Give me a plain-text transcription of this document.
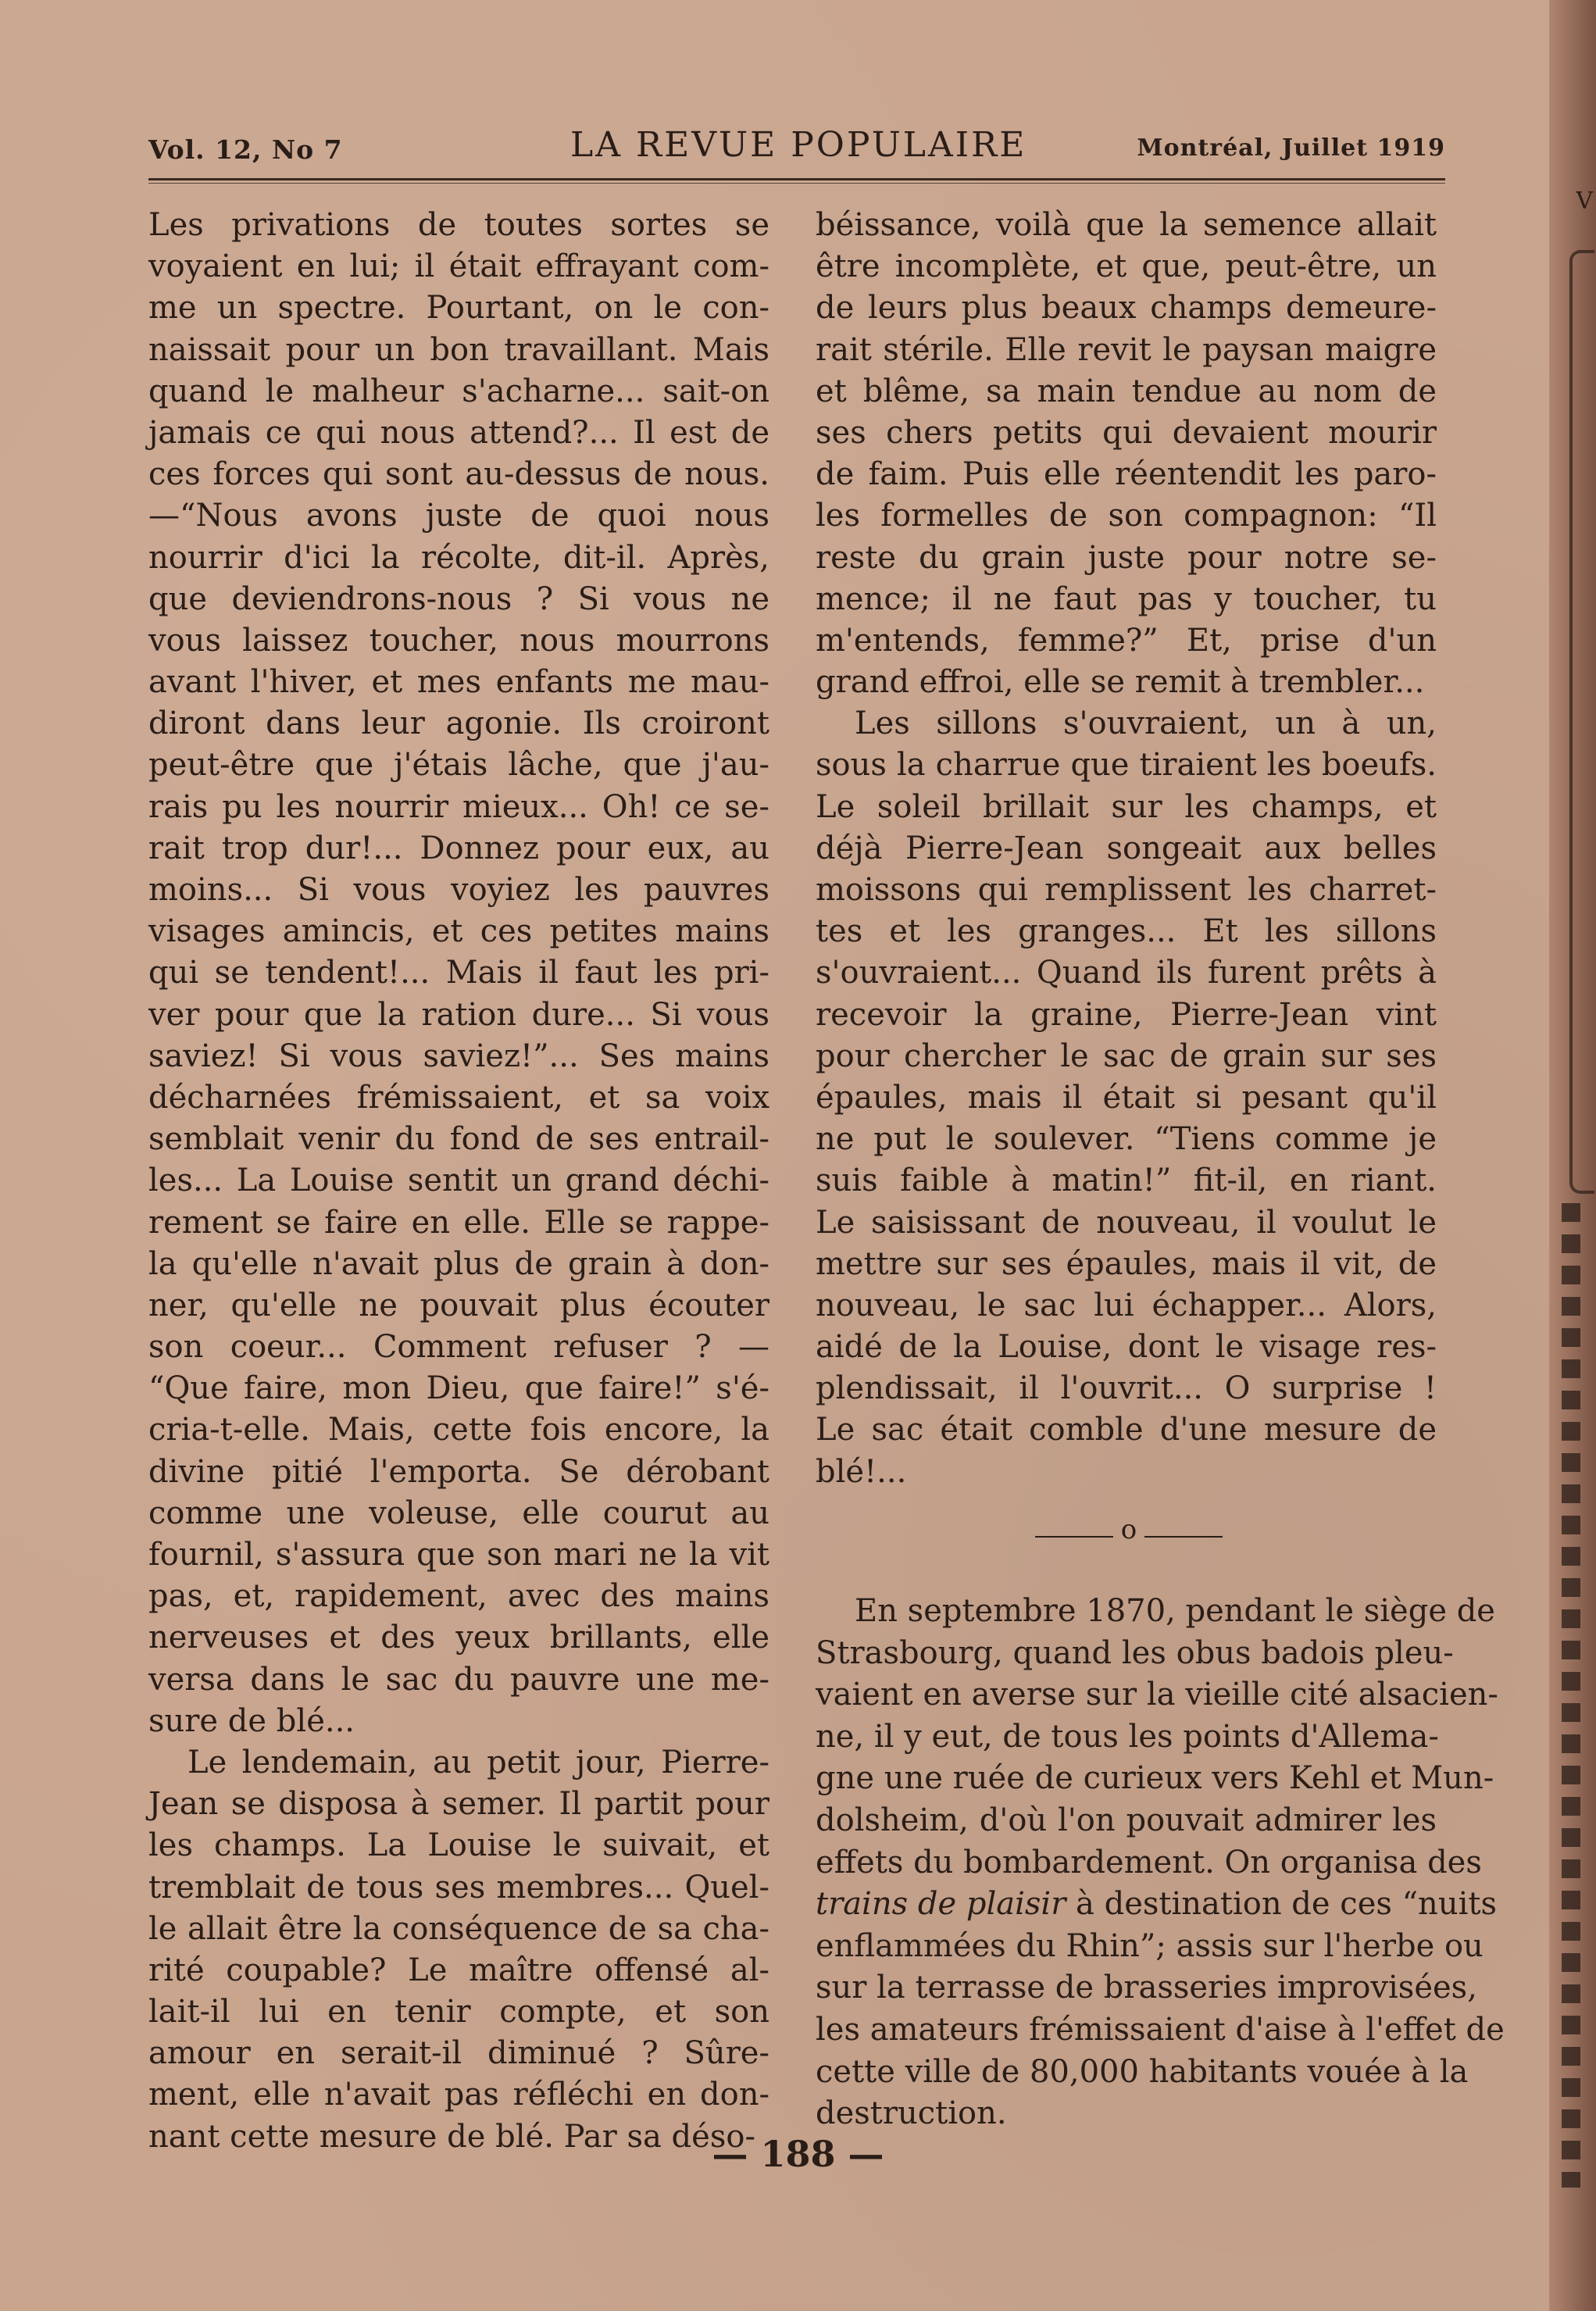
Vol. 12, No 7	LA REVUE POPULAIRE	Montréal, Juillet 1919
Les privations de toutes sortes se
voyaient en lui; il était effrayant com-
me un spectre. Pourtant, on le con-
naissait pour un bon travaillant. Mais
quand le malheur s'acharne... sait-on
jamais ce qui nous attend?... Il est de
ces forces qui sont au-dessus de nous.
—“Nous avons juste de quoi nous
nourrir d'ici la récolte, dit-il. Après,
que deviendrons-nous ? Si vous ne
vous laissez toucher, nous mourrons
avant l'hiver, et mes enfants me mau-
diront dans leur agonie. Ils croiront
peut-être que j'étais lâche, que j'au-
rais pu les nourrir mieux... Oh! ce se-
rait trop dur!... Donnez pour eux, au
moins... Si vous voyiez les pauvres
visages amincis, et ces petites mains
qui se tendent!... Mais il faut les pri-
ver pour que la ration dure... Si vous
saviez! Si vous saviez!”... Ses mains
décharnées frémissaient, et sa voix
semblait venir du fond de ses entrail-
les... La Louise sentit un grand déchi-
rement se faire en elle. Elle se rappe-
la qu'elle n'avait plus de grain à don-
ner, qu'elle ne pouvait plus écouter
son coeur... Comment refuser ? —
“Que faire, mon Dieu, que faire!” s'é-
cria-t-elle. Mais, cette fois encore, la
divine pitié l'emporta. Se dérobant
comme une voleuse, elle courut au
fournil, s'assura que son mari ne la vit
pas, et, rapidement, avec des mains
nerveuses et des yeux brillants, elle
versa dans le sac du pauvre une me-
sure de blé...
Le lendemain, au petit jour, Pierre-
Jean se disposa à semer. Il partit pour
les champs. La Louise le suivait, et
tremblait de tous ses membres... Quel-
le allait être la conséquence de sa cha-
rité coupable? Le maître offensé al-
lait-il lui en tenir compte, et son
amour en serait-il diminué ? Sûre-
ment, elle n'avait pas réfléchi en don-
nant cette mesure de blé. Par sa déso-
béissance, voilà que la semence allait
être incomplète, et que, peut-être, un
de leurs plus beaux champs demeure-
rait stérile. Elle revit le paysan maigre
et blême, sa main tendue au nom de
ses chers petits qui devaient mourir
de faim. Puis elle réentendit les paro-
les formelles de son compagnon: “Il
reste du grain juste pour notre se-
mence; il ne faut pas y toucher, tu
m'entends, femme?” Et, prise d'un
grand effroi, elle se remit à trembler...
Les sillons s'ouvraient, un à un,
sous la charrue que tiraient les boeufs.
Le soleil brillait sur les champs, et
déjà Pierre-Jean songeait aux belles
moissons qui remplissent les charret-
tes et les granges... Et les sillons
s'ouvraient... Quand ils furent prêts à
recevoir la graine, Pierre-Jean vint
pour chercher le sac de grain sur ses
épaules, mais il était si pesant qu'il
ne put le soulever. “Tiens comme je
suis faible à matin!” fit-il, en riant.
Le saisissant de nouveau, il voulut le
mettre sur ses épaules, mais il vit, de
nouveau, le sac lui échapper... Alors,
aidé de la Louise, dont le visage res-
plendissait, il l'ouvrit... O surprise !
Le sac était comble d'une mesure de
blé!...
o
En septembre 1870, pendant le siège de
Strasbourg, quand les obus badois pleu-
vaient en averse sur la vieille cité alsacien-
ne, il y eut, de tous les points d'Allema-
gne une ruée de curieux vers Kehl et Mun-
dolsheim, d'où l'on pouvait admirer les
effets du bombardement. On organisa des
trains de plaisir à destination de ces “nuits
enflammées du Rhin”; assis sur l'herbe ou
sur la terrasse de brasseries improvisées,
les amateurs frémissaient d'aise à l'effet de
cette ville de 80,000 habitants vouée à la
destruction.
— 188 —
V
